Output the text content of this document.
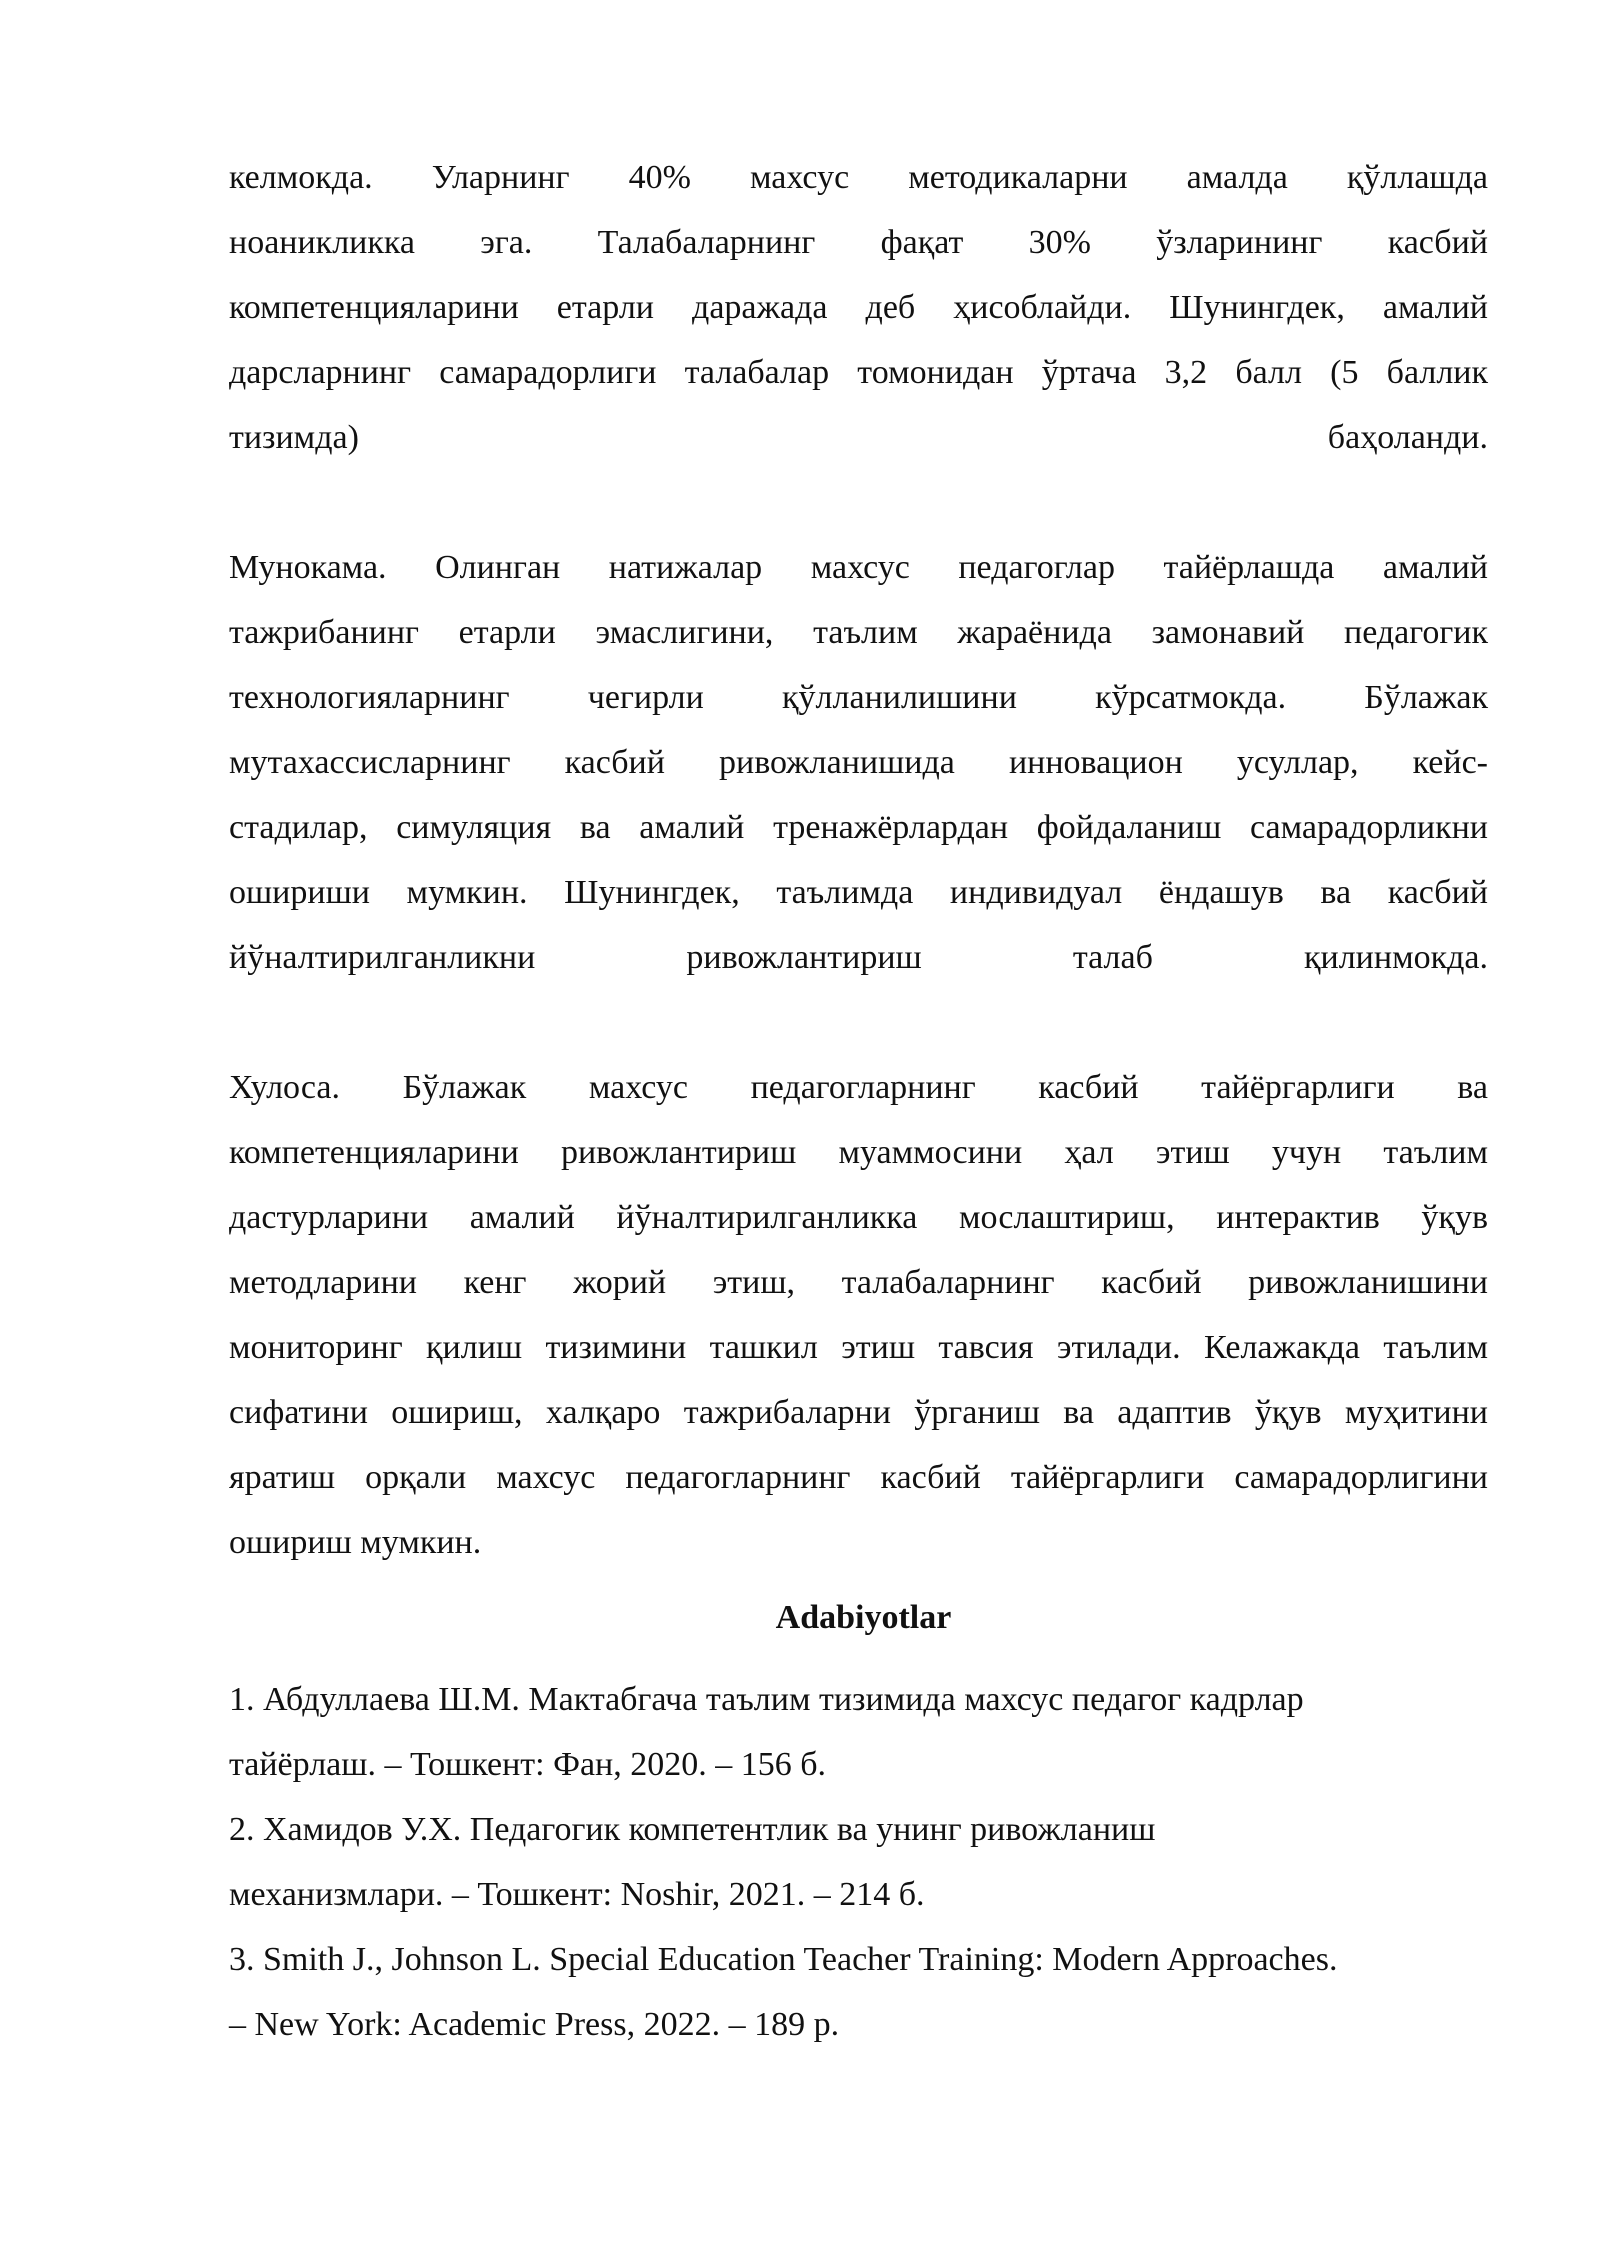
келмокда. Уларнинг 40% махсус методикаларни амалда қўллашда

ноаникликка эга. Талабаларнинг фақат 30% ўзларининг касбий

компетенцияларини етарли даражада деб ҳисоблайди. Шунингдек, амалий

дарсларнинг самарадорлиги талабалар томонидан ўртача 3,2 балл (5 баллик

тизимда) баҳоланди.

Мунокама. Олинган натижалар махсус педагоглар тайёрлашда амалий

тажрибанинг етарли эмаслигини, таълим жараёнида замонавий педагогик

технологияларнинг чегирли қўлланилишини кўрсатмокда. Бўлажак

мутахассисларнинг касбий ривожланишида инновацион усуллар, кейс-

стадилар, симуляция ва амалий тренажёрлардан фойдаланиш самарадорликни

ошириши мумкин. Шунингдек, таълимда индивидуал ёндашув ва касбий

йўналтирилганликни ривожлантириш талаб қилинмокда.

Хулоса. Бўлажак махсус педагогларнинг касбий тайёргарлиги ва

компетенцияларини ривожлантириш муаммосини ҳал этиш учун таълим

дастурларини амалий йўналтирилганликка мослаштириш, интерактив ўқув

методларини кенг жорий этиш, талабаларнинг касбий ривожланишини

мониторинг қилиш тизимини ташкил этиш тавсия этилади. Келажакда таълим

сифатини ошириш, халқаро тажрибаларни ўрганиш ва адаптив ўқув муҳитини

яратиш орқали махсус педагогларнинг касбий тайёргарлиги самарадорлигини

ошириш мумкин.

Adabiyotlar

1. Абдуллаева Ш.М. Мактабгача таълим тизимида махсус педагог кадрлар

тайёрлаш. – Тошкент: Фан, 2020. – 156 б.

2. Хамидов У.Х. Педагогик компетентлик ва унинг ривожланиш

механизмлари. – Тошкент: Noshir, 2021. – 214 б.

3. Smith J., Johnson L. Special Education Teacher Training: Modern Approaches.

– New York: Academic Press, 2022. – 189 p.
